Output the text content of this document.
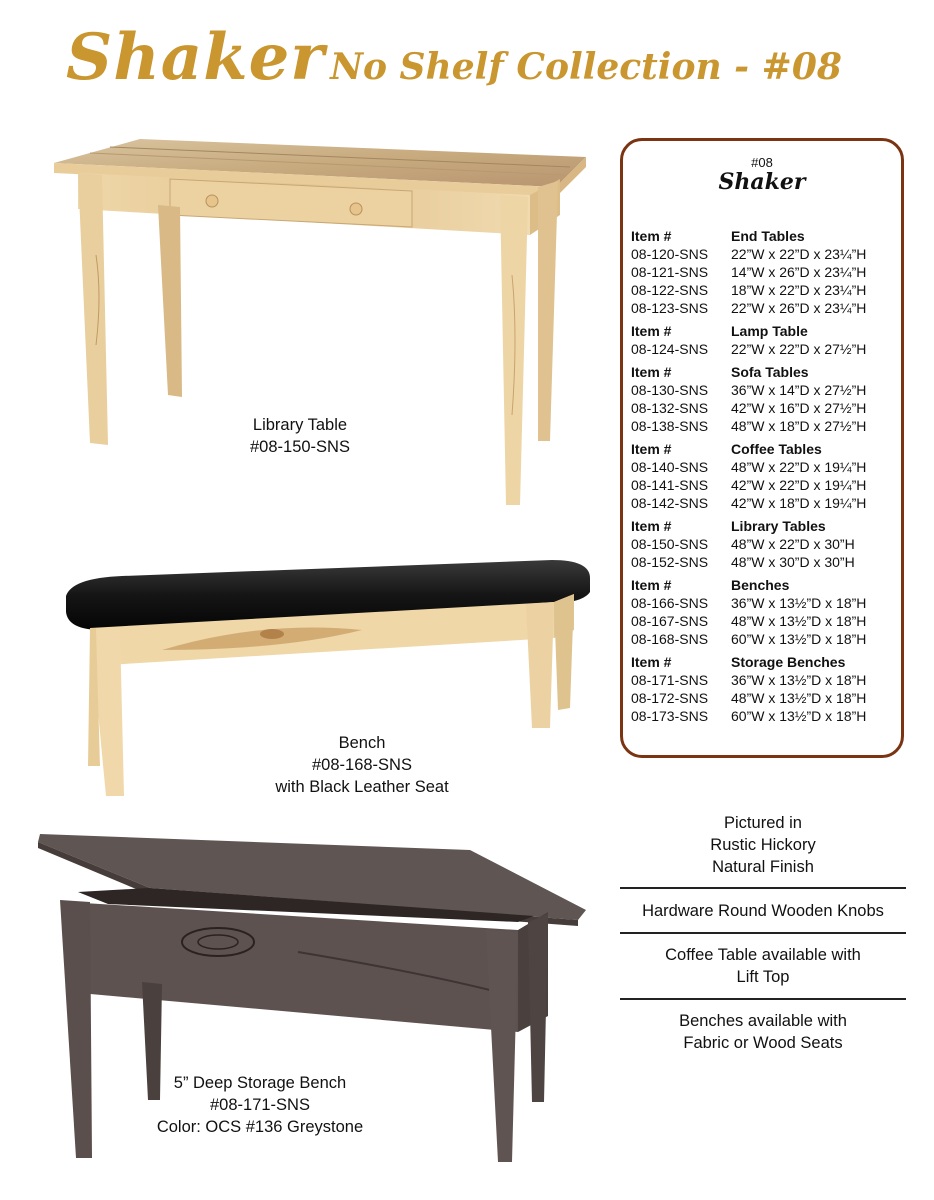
Shaker No Shelf Collection - #08
Library Table
#08-150-SNS
Bench
#08-168-SNS
with Black Leather Seat
5” Deep Storage Bench
#08-171-SNS
Color: OCS #136 Greystone
#08
Shaker
Item #	End Tables
08-120-SNS	22”W x 22”D x 23¼”H
08-121-SNS	14”W x 26”D x 23¼”H
08-122-SNS	18”W x 22”D x 23¼”H
08-123-SNS	22”W x 26”D x 23¼”H
Item #	Lamp Table
08-124-SNS	22”W x 22”D x 27½”H
Item #	Sofa Tables
08-130-SNS	36”W x 14”D x 27½”H
08-132-SNS	42”W x 16”D x 27½”H
08-138-SNS	48”W x 18”D x 27½”H
Item #	Coffee Tables
08-140-SNS	48”W x 22”D x 19¼”H
08-141-SNS	42”W x 22”D x 19¼”H
08-142-SNS	42”W x 18”D x 19¼”H
Item #	Library Tables
08-150-SNS	48”W x 22”D x 30”H
08-152-SNS	48”W x 30”D x 30”H
Item #	Benches
08-166-SNS	36”W x 13½”D x 18”H
08-167-SNS	48”W x 13½”D x 18”H
08-168-SNS	60”W x 13½”D x 18”H
Item #	Storage Benches
08-171-SNS	36”W x 13½”D x 18”H
08-172-SNS	48”W x 13½”D x 18”H
08-173-SNS	60”W x 13½”D x 18”H
Pictured in
Rustic Hickory
Natural Finish
Hardware Round Wooden Knobs
Coffee Table available with
Lift Top
Benches available with
Fabric or Wood Seats
